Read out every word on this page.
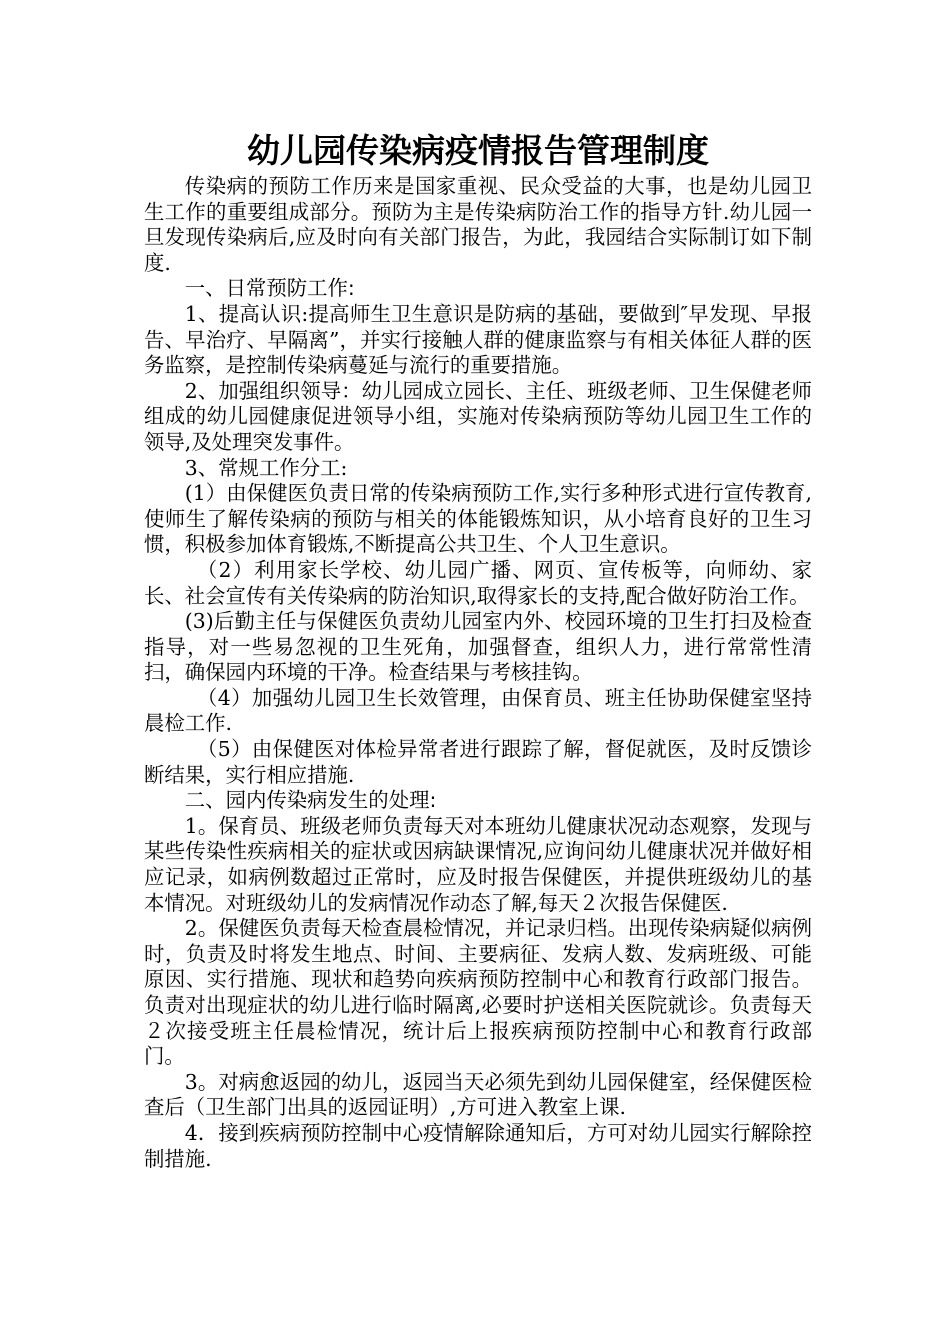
幼儿园传染病疫情报告管理制度

传染病的预防工作历来是国家重视、民众受益的大事，也是幼儿园卫生工作的重要组成部分。预防为主是传染病防治工作的指导方针.幼儿园一旦发现传染病后,应及时向有关部门报告，为此，我园结合实际制订如下制度.

一、日常预防工作:

1、提高认识:提高师生卫生意识是防病的基础，要做到″早发现、早报告、早治疗、早隔离”，并实行接触人群的健康监察与有相关体征人群的医务监察，是控制传染病蔓延与流行的重要措施。

2、加强组织领导：幼儿园成立园长、主任、班级老师、卫生保健老师组成的幼儿园健康促进领导小组，实施对传染病预防等幼儿园卫生工作的领导,及处理突发事件。

3、常规工作分工:

(1）由保健医负责日常的传染病预防工作,实行多种形式进行宣传教育,使师生了解传染病的预防与相关的体能锻炼知识，从小培育良好的卫生习惯，积极参加体育锻炼,不断提高公共卫生、个人卫生意识。

（2）利用家长学校、幼儿园广播、网页、宣传板等，向师幼、家长、社会宣传有关传染病的防治知识,取得家长的支持,配合做好防治工作。

(3)后勤主任与保健医负责幼儿园室内外、校园环境的卫生打扫及检查指导，对一些易忽视的卫生死角，加强督查，组织人力，进行常常性清扫，确保园内环境的干净。检查结果与考核挂钩。

（4）加强幼儿园卫生长效管理，由保育员、班主任协助保健室坚持晨检工作.

（5）由保健医对体检异常者进行跟踪了解，督促就医，及时反馈诊断结果，实行相应措施.

二、园内传染病发生的处理:

1。保育员、班级老师负责每天对本班幼儿健康状况动态观察，发现与某些传染性疾病相关的症状或因病缺课情况,应询问幼儿健康状况并做好相应记录，如病例数超过正常时，应及时报告保健医，并提供班级幼儿的基本情况。对班级幼儿的发病情况作动态了解,每天２次报告保健医.

2。保健医负责每天检查晨检情况，并记录归档。出现传染病疑似病例时，负责及时将发生地点、时间、主要病征、发病人数、发病班级、可能原因、实行措施、现状和趋势向疾病预防控制中心和教育行政部门报告。负责对出现症状的幼儿进行临时隔离,必要时护送相关医院就诊。负责每天２次接受班主任晨检情况，统计后上报疾病预防控制中心和教育行政部门。

3。对病愈返园的幼儿，返园当天必须先到幼儿园保健室，经保健医检查后（卫生部门出具的返园证明）,方可进入教室上课.

4．接到疾病预防控制中心疫情解除通知后，方可对幼儿园实行解除控制措施.
